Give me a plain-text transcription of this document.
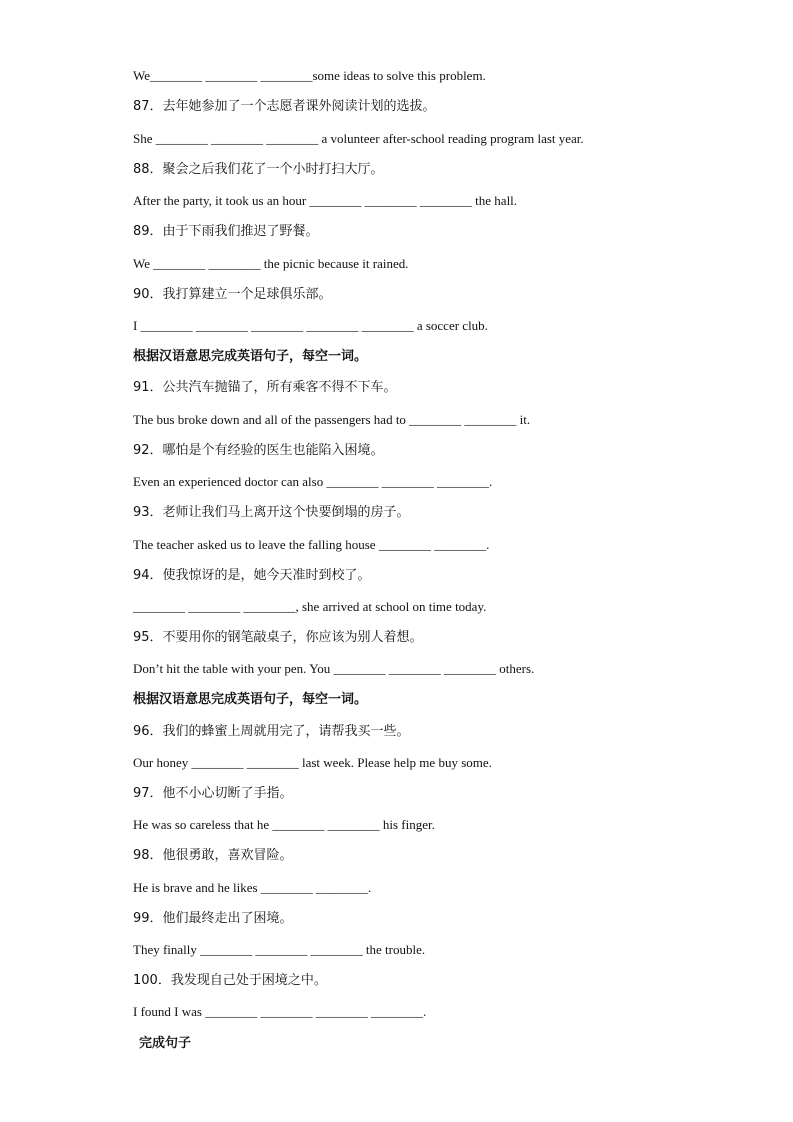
We________ ________ ________some ideas to solve this problem.
87．去年她参加了一个志愿者课外阅读计划的选拔。
She ________ ________ ________ a volunteer after-school reading program last year.
88．聚会之后我们花了一个小时打扫大厅。
After the party, it took us an hour ________ ________ ________ the hall.
89．由于下雨我们推迟了野餐。
We ________ ________ the picnic because it rained.
90．我打算建立一个足球俱乐部。
I ________ ________ ________ ________ ________ a soccer club.
根据汉语意思完成英语句子，每空一词。
91．公共汽车抛锚了，所有乘客不得不下车。
The bus broke down and all of the passengers had to ________ ________ it.
92．哪怕是个有经验的医生也能陷入困境。
Even an experienced doctor can also ________ ________ ________.
93．老师让我们马上离开这个快要倒塌的房子。
The teacher asked us to leave the falling house ________ ________.
94．使我惊讶的是，她今天准时到校了。
________ ________ ________, she arrived at school on time today.
95．不要用你的钢笔敲桌子，你应该为别人着想。
Don’t hit the table with your pen. You ________ ________ ________ others.
根据汉语意思完成英语句子，每空一词。
96．我们的蜂蜜上周就用完了，请帮我买一些。
Our honey ________ ________ last week. Please help me buy some.
97．他不小心切断了手指。
He was so careless that he ________ ________ his finger.
98．他很勇敢，喜欢冒险。
He is brave and he likes ________ ________.
99．他们最终走出了困境。
They finally ________ ________ ________ the trouble.
100．我发现自己处于困境之中。
I found I was ________ ________ ________ ________.
完成句子
